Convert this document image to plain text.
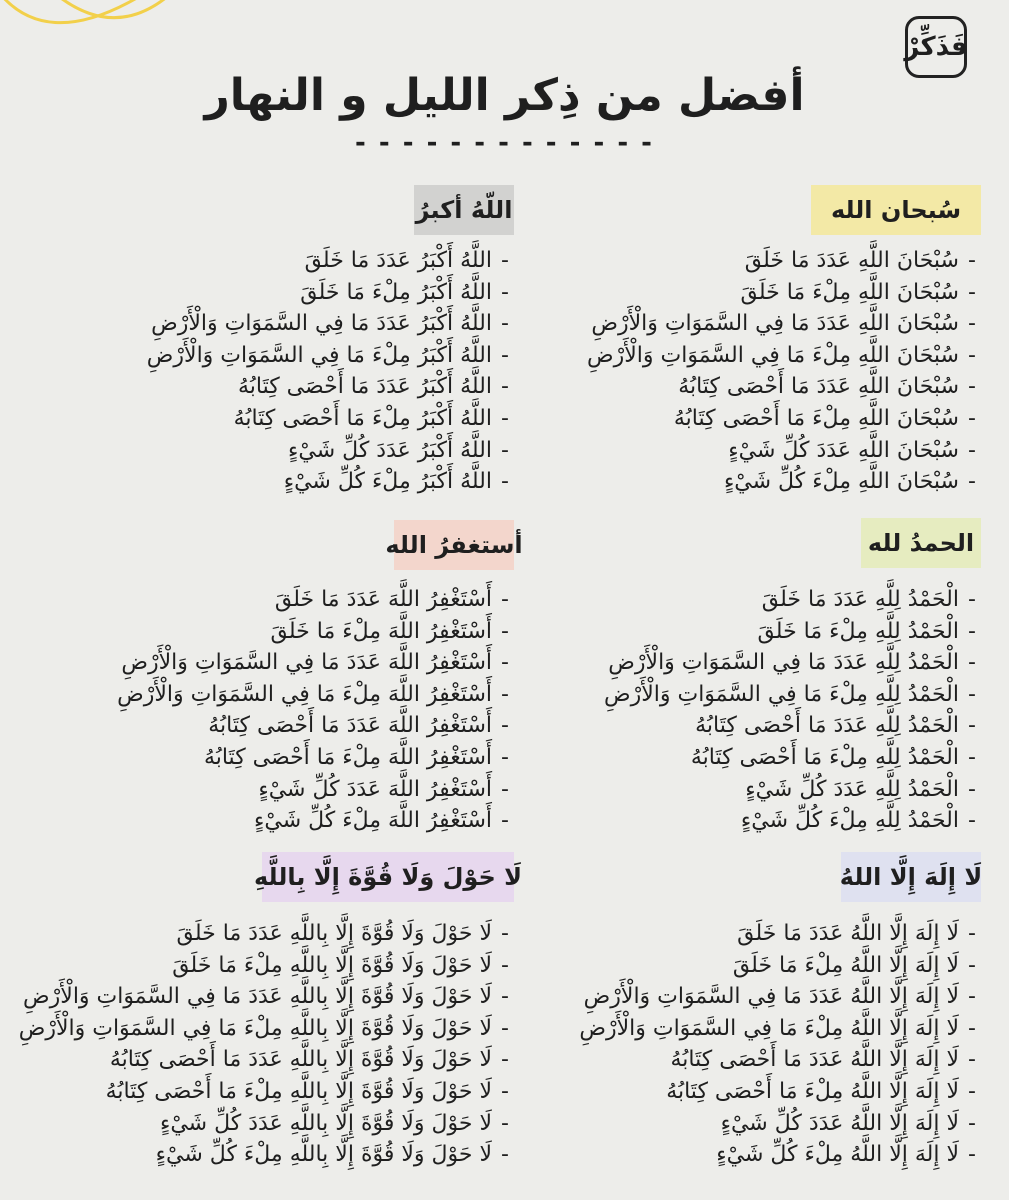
فَذَكِّرْ
أفضل من ذِكر الليل و النهار
- - - - - - - - - - - - -
سُبحان الله
-سُبْحَانَ اللَّهِ عَدَدَ مَا خَلَقَ
-سُبْحَانَ اللَّهِ مِلْءَ مَا خَلَقَ
-سُبْحَانَ اللَّهِ عَدَدَ مَا فِي السَّمَوَاتِ وَالْأَرْضِ
-سُبْحَانَ اللَّهِ مِلْءَ مَا فِي السَّمَوَاتِ وَالْأَرْضِ
-سُبْحَانَ اللَّهِ عَدَدَ مَا أَحْصَى كِتَابُهُ
-سُبْحَانَ اللَّهِ مِلْءَ مَا أَحْصَى كِتَابُهُ
-سُبْحَانَ اللَّهِ عَدَدَ كُلِّ شَيْءٍ
-سُبْحَانَ اللَّهِ مِلْءَ كُلِّ شَيْءٍ
اللّهُ أكبرُ
-اللَّهُ أَكْبَرُ عَدَدَ مَا خَلَقَ
-اللَّهُ أَكْبَرُ مِلْءَ مَا خَلَقَ
-اللَّهُ أَكْبَرُ عَدَدَ مَا فِي السَّمَوَاتِ وَالْأَرْضِ
-اللَّهُ أَكْبَرُ مِلْءَ مَا فِي السَّمَوَاتِ وَالْأَرْضِ
-اللَّهُ أَكْبَرُ عَدَدَ مَا أَحْصَى كِتَابُهُ
-اللَّهُ أَكْبَرُ مِلْءَ مَا أَحْصَى كِتَابُهُ
-اللَّهُ أَكْبَرُ عَدَدَ كُلِّ شَيْءٍ
-اللَّهُ أَكْبَرُ مِلْءَ كُلِّ شَيْءٍ
الحمدُ لله
-الْحَمْدُ لِلَّهِ عَدَدَ مَا خَلَقَ
-الْحَمْدُ لِلَّهِ مِلْءَ مَا خَلَقَ
-الْحَمْدُ لِلَّهِ عَدَدَ مَا فِي السَّمَوَاتِ وَالْأَرْضِ
-الْحَمْدُ لِلَّهِ مِلْءَ مَا فِي السَّمَوَاتِ وَالْأَرْضِ
-الْحَمْدُ لِلَّهِ عَدَدَ مَا أَحْصَى كِتَابُهُ
-الْحَمْدُ لِلَّهِ مِلْءَ مَا أَحْصَى كِتَابُهُ
-الْحَمْدُ لِلَّهِ عَدَدَ كُلِّ شَيْءٍ
-الْحَمْدُ لِلَّهِ مِلْءَ كُلِّ شَيْءٍ
أستغفرُ الله
-أَسْتَغْفِرُ اللَّهَ عَدَدَ مَا خَلَقَ
-أَسْتَغْفِرُ اللَّهَ مِلْءَ مَا خَلَقَ
-أَسْتَغْفِرُ اللَّهَ عَدَدَ مَا فِي السَّمَوَاتِ وَالْأَرْضِ
-أَسْتَغْفِرُ اللَّهَ مِلْءَ مَا فِي السَّمَوَاتِ وَالْأَرْضِ
-أَسْتَغْفِرُ اللَّهَ عَدَدَ مَا أَحْصَى كِتَابُهُ
-أَسْتَغْفِرُ اللَّهَ مِلْءَ مَا أَحْصَى كِتَابُهُ
-أَسْتَغْفِرُ اللَّهَ عَدَدَ كُلِّ شَيْءٍ
-أَسْتَغْفِرُ اللَّهَ مِلْءَ كُلِّ شَيْءٍ
لَا إِلَهَ إِلَّا اللهُ
-لَا إِلَهَ إِلَّا اللَّهُ عَدَدَ مَا خَلَقَ
-لَا إِلَهَ إِلَّا اللَّهُ مِلْءَ مَا خَلَقَ
-لَا إِلَهَ إِلَّا اللَّهُ عَدَدَ مَا فِي السَّمَوَاتِ وَالْأَرْضِ
-لَا إِلَهَ إِلَّا اللَّهُ مِلْءَ مَا فِي السَّمَوَاتِ وَالْأَرْضِ
-لَا إِلَهَ إِلَّا اللَّهُ عَدَدَ مَا أَحْصَى كِتَابُهُ
-لَا إِلَهَ إِلَّا اللَّهُ مِلْءَ مَا أَحْصَى كِتَابُهُ
-لَا إِلَهَ إِلَّا اللَّهُ عَدَدَ كُلِّ شَيْءٍ
-لَا إِلَهَ إِلَّا اللَّهُ مِلْءَ كُلِّ شَيْءٍ
لَا حَوْلَ وَلَا قُوَّةَ إِلَّا بِاللَّهِ
-لَا حَوْلَ وَلَا قُوَّةَ إِلَّا بِاللَّهِ عَدَدَ مَا خَلَقَ
-لَا حَوْلَ وَلَا قُوَّةَ إِلَّا بِاللَّهِ مِلْءَ مَا خَلَقَ
-لَا حَوْلَ وَلَا قُوَّةَ إِلَّا بِاللَّهِ عَدَدَ مَا فِي السَّمَوَاتِ وَالْأَرْضِ
-لَا حَوْلَ وَلَا قُوَّةَ إِلَّا بِاللَّهِ مِلْءَ مَا فِي السَّمَوَاتِ وَالْأَرْضِ
-لَا حَوْلَ وَلَا قُوَّةَ إِلَّا بِاللَّهِ عَدَدَ مَا أَحْصَى كِتَابُهُ
-لَا حَوْلَ وَلَا قُوَّةَ إِلَّا بِاللَّهِ مِلْءَ مَا أَحْصَى كِتَابُهُ
-لَا حَوْلَ وَلَا قُوَّةَ إِلَّا بِاللَّهِ عَدَدَ كُلِّ شَيْءٍ
-لَا حَوْلَ وَلَا قُوَّةَ إِلَّا بِاللَّهِ مِلْءَ كُلِّ شَيْءٍ
